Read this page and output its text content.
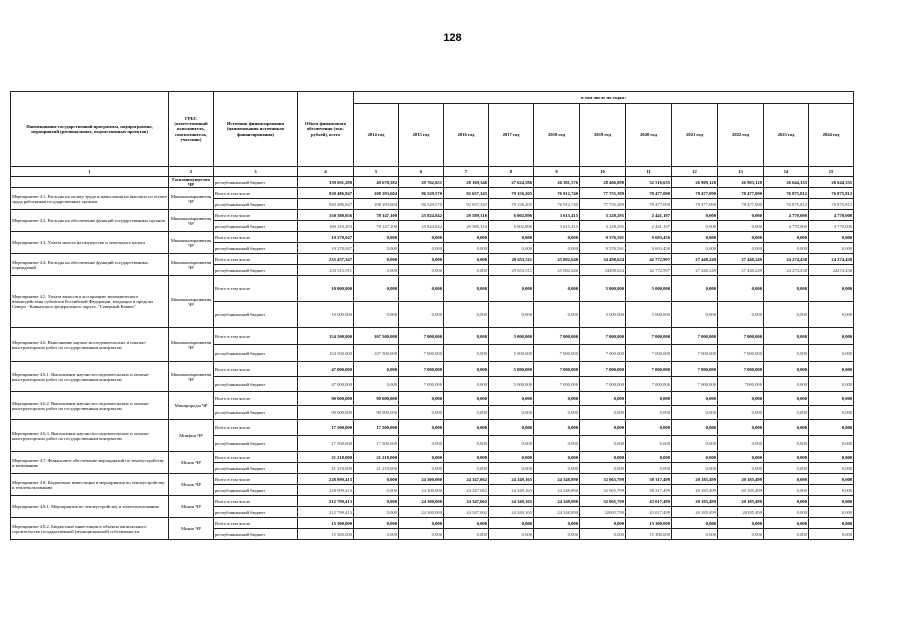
128
Наименование государственной программы, подпрограммы, мероприятий (региональных, ведомственных проектов)	ГРБС (ответственный исполнитель, соисполнитель, участник)	Источник финансирования (наименования источников финансирования)	Объем финансового обеспечения (тыс. рублей), всего	в том числе по годам:										
				2014 год	2015 год	2016 год	2017 год	2018 год	2019 год	2020 год	2021 год	2022 год	2023 год	2024 год
1	2	3	4	5	6	7	8	9	10	11	12	13	14	15
	Госкомимущество ЧР	республиканский бюджет	339 691,290	49 678,582	29 762,651	28 169,346	27 624,586	26 381,576	28 466,898	32 516,635	26 909,128	26 903,128	26 644,335	26 644,335
Мероприятие 4.1. Расходы на оплату труда и начисления на выплаты по оплате труда работников государственных органов	Минэкономразвития ЧР	Всего в том числе	920 486,847	108 293,604	96 529,570	92 657,345	79 156,205	76 912,740	77 755,389	78 477,090	78 477,090	78 477,090	76 875,812	76 875,812
		республиканский бюджет	920 486,847	108 293,604	96 529,570	92 657,345	79 156,205	76 912,740	77 755,389	78 477,090	78 477,090	78 477,090	76 875,812	76 875,812
Мероприятие 4.2. Расходы на обеспечение функций государственных органов	Минэкономразвития ЧР	Всего в том числе	150 380,056	78 147,100	25 824,842	29 589,310	6 002,896	3 615,415	3 228,295	2 441,197	0,000	0,000	4 770,000	4 770,000
		республиканский бюджет	160 310,293	78 147,100	25 824,842	29 589,310	6 002,896	3 615,415	3 228,295	2 441,197	0,000	0,000	4 770,000	4 770,000
Мероприятие 4.3. Уплата налога на имущество и земельного налога	Минэкономразвития ЧР	Всего в том числе	19 270,047	0,000	0,000	0,000	0,000	0,000	9 576,591	9 693,456	0,000	0,000	0,000	0,000
		республиканский бюджет	19 270,047	0,000	0,000	0,000	0,000	0,000	9 576,591	9 693,456	0,000	0,000	0,000	0,000
Мероприятие 4.4. Расходы на обеспечение функций государственных учреждений	Минэкономразвития ЧР	Всего в том числе	235 437,347	0,000	0,000	0,000	29 653,511	25 082,640	34 498,624	42 772,997	27 440,249	27 440,249	24 274,438	24 274,438
		республиканский бюджет	233 515,911	0,000	0,000	0,000	29 653,511	25 082,640	34498,624	42 772,997	27 440,249	27 440,249	24 274,438	24274,438
Мероприятие 4.5. Уплата взносов в ассоциацию экономического взаимодействия субъектов Российской Федерации, входящих в пределы Северо - Кавказского федерального округа, "Северный Кавказ"	Минэкономразвития ЧР	Всего в том числе	10 000,000	0,000	0,000	0,000	0,000	0,000	5 000,000	5 000,000	0,000	0,000	0,000	0,000
		республиканский бюджет	10 000,000	0,000	0,000	0,000	0,000	0,000	5 000,000	5 000,000	0,000	0,000	0,000	0,000
Мероприятие 4.6. Выполнение научно-исследовательских и опытно-конструкторских работ по государственным контрактам	Минэкономразвития ЧР	Всего в том числе	154 500,000	107 500,000	7 000,000	0,000	5 000,000	7 000,000	7 000,000	7 000,000	7 000,000	7 000,000	0,000	0,000
		республиканский бюджет	154 500,000	107 500,000	7 000,000	0,000	5 000,000	7 000,000	7 000,000	7 000,000	7 000,000	7 000,000	0,000	0,000
Мероприятие 4.6.1. Выполнение научно-исследовательских и опытно-конструкторских работ по государственным контрактам	Минэкономразвития ЧР	Всего в том числе	47 000,000	0,000	7 000,000	0,000	5 000,000	7 000,000	7 000,000	7 000,000	7 000,000	7 000,000	0,000	0,000
		республиканский бюджет	47 000,000	0,000	7 000,000	0,000	5 000,000	7 000,000	7 000,000	7 000,000	7 000,000	7000,000	0,000	0,000
Мероприятие 4.6.2. Выполнение научно-исследовательских и опытно-конструкторских работ по государственным контрактам	Минприроды ЧР	Всего в том числе	90 000,000	90 000,000	0,000	0,000	0,000	0,000	0,000	0,000	0,000	0,000	0,000	0,000
		республиканский бюджет	90 000,000	90 000,000	0,000	0,000	0,000	0,000	0,000	0,000	0,000	0,000	0,000	0,000
Мероприятие 4.6.3. Выполнение научно-исследовательских и опытно-конструкторских работ по государственным контрактам	Минфин ЧР	Всего в том числе	17 500,000	17 500,000	0,000	0,000	0,000	0,000	0,000	0,000	0,000	0,000	0,000	0,000
		республиканский бюджет	17 500,000	17 500,000	0,000	0,000	0,000	0,000	0,000	0,000	0,000	0,000	0,000	0,000
Мероприятие 4.7. Финансовое обеспечение мероприятий по землеустройству и межеванию	Минэк ЧР	Всего в том числе	21 218,000	21 218,000	0,000	0,000	0,000	0,000	0,000	0,000	0,000	0,000	0,000	0,000
		республиканский бюджет	21 218,000	21 218,000	0,000	0,000	0,000	0,000	0,000	0,000	0,000	0,000	0,000	0,000
Мероприятие 4.8. Бюджетные инвестиции в мероприятия по землеустройству и землепользованию	Минэк ЧР	Всего в том числе	228 099,413	0,000	24 300,000	24 347,062	24 349,165	24 348,890	32 065,799	58 317,499	20 185,499	20 185,499	0,000	0,000
		республиканский бюджет	228 099,413	0,000	24 300,000	24 347,062	24 349,165	24 348,890	32 065,799	58 317,499	20 185,499	20 185,499	0,000	0,000
Мероприятие 4.8.1. Мероприятия по землеустройству и землепользованию	Минэк ЧР	Всего в том числе	212 799,413	0,000	24 300,000	24 347,062	24 349,165	24 348,890	32 065,799	43 017,499	20 185,499	20 185,499	0,000	0,000
		республиканский бюджет	212 799,413	0,000	24 300,000	24 347,062	24 349,165	24 348,890	32065,799	43 017,499	20 185,499	20185,499	0,000	0,000
Мероприятие 4.8.2. Бюджетные инвестиции в объекты капитального строительства государственной (муниципальной) собственности	Минэк ЧР	Всего в том числе	15 300,000	0,000	0,000	0,000	0,000	0,000	0,000	15 300,000	0,000	0,000	0,000	0,000
		республиканский бюджет	15 300,000	0,000	0,000	0,000	0,000	0,000	0,000	15 300,000	0,000	0,000	0,000	0,000
